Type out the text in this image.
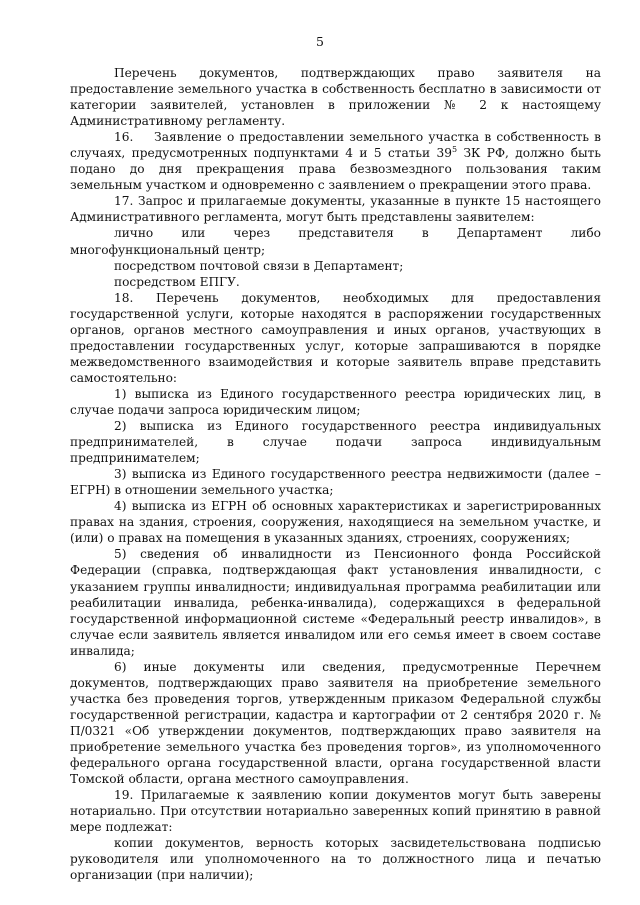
5

Перечень документов, подтверждающих право заявителя на предоставление земельного участка в собственность бесплатно в зависимости от категории заявителей, установлен в приложении № 2 к настоящему Административному регламенту.

16.    Заявление о предоставлении земельного участка в собственность в случаях, предусмотренных подпунктами 4 и 5 статьи $39^5$ ЗК РФ, должно быть подано до дня прекращения права безвозмездного пользования таким земельным участком и одновременно с заявлением о прекращении этого права.

17. Запрос и прилагаемые документы, указанные в пункте 15 настоящего Административного регламента, могут быть представлены заявителем:

лично или через представителя в Департамент либо многофункциональный центр;

посредством почтовой связи в Департамент;

посредством ЕПГУ.

18. Перечень документов, необходимых для предоставления государственной услуги, которые находятся в распоряжении государственных органов, органов местного самоуправления и иных органов, участвующих в предоставлении государственных услуг, которые запрашиваются в порядке межведомственного взаимодействия и которые заявитель вправе представить самостоятельно:

1) выписка из Единого государственного реестра юридических лиц, в случае подачи запроса юридическим лицом;

2) выписка из Единого государственного реестра индивидуальных предпринимателей, в случае подачи запроса индивидуальным предпринимателем;

3) выписка из Единого государственного реестра недвижимости (далее – ЕГРН) в отношении земельного участка;

4) выписка из ЕГРН об основных характеристиках и зарегистрированных правах на здания, строения, сооружения, находящиеся на земельном участке, и (или) о правах на помещения в указанных зданиях, строениях, сооружениях;

5) сведения об инвалидности из Пенсионного фонда Российской Федерации (справка, подтверждающая факт установления инвалидности, с указанием группы инвалидности; индивидуальная программа реабилитации или реабилитации инвалида, ребенка-инвалида), содержащихся в федеральной государственной информационной системе «Федеральный реестр инвалидов», в случае если заявитель является инвалидом или его семья имеет в своем составе инвалида;

6) иные документы или сведения, предусмотренные Перечнем документов, подтверждающих право заявителя на приобретение земельного участка без проведения торгов, утвержденным приказом Федеральной службы государственной регистрации, кадастра и картографии от 2 сентября 2020 г. № П/0321 «Об утверждении документов, подтверждающих право заявителя на приобретение земельного участка без проведения торгов», из уполномоченного федерального органа государственной власти, органа государственной власти Томской области, органа местного самоуправления.

19. Прилагаемые к заявлению копии документов могут быть заверены нотариально. При отсутствии нотариально заверенных копий принятию в равной мере подлежат:

копии документов, верность которых засвидетельствована подписью руководителя или уполномоченного на то должностного лица и печатью организации (при наличии);
